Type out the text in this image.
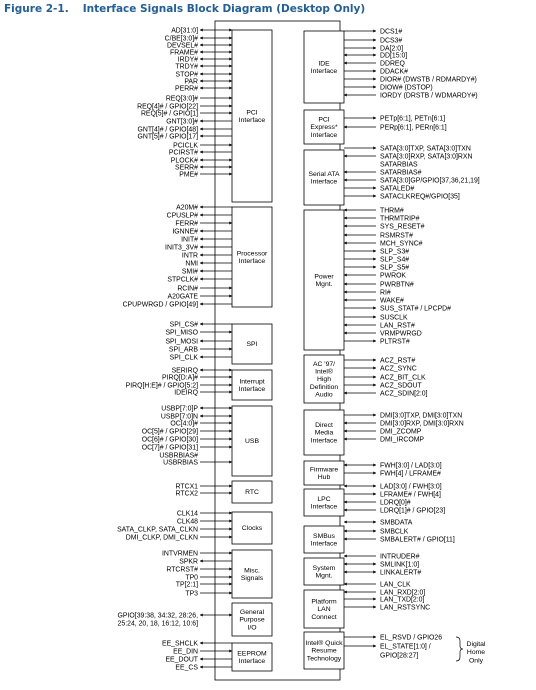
Figure 2-1. Interface Signals Block Diagram (Desktop Only)
PCI
Interface
Processor
Interface
SPI
Interrupt
Interface
USB
RTC
Clocks
Misc.
Signals
General
Purpose
I/O
EEPROM
Interface
IDE
Interface
PCI
Express*
Interface
Serial ATA
Interface
Power
Mgnt.
AC '97/
Intel®
High
Definition
Audio
Direct
Media
Interface
Firmware
Hub
LPC
Interface
SMBus
Interface
System
Mgnt.
Platform
LAN
Connect
Intel® Quick
Resume
Technology
AD[31:0]
C/BE[3:0]#
DEVSEL#
FRAME#
IRDY#
TRDY#
STOP#
PAR
PERR#
REQ[3:0]#
REQ[4]# / GPIO[22]
REQ[5]# / GPIO[1]
GNT[3:0]#
GNT[4]# / GPIO[48]
GNT[5]# / GPIO[17]
PCICLK
PCIRST#
PLOCK#
SERR#
PME#
A20M#
CPUSLP#
FERR#
IGNNE#
INIT#
INIT3_3V#
INTR
NMI
SMI#
STPCLK#
RCIN#
A20GATE
CPUPWRGD / GPIO[49]
SPI_CS#
SPI_MISO
SPI_MOSI
SPI_ARB
SPI_CLK
SERIRQ
PIRQ[D:A]#
PIRQ[H:E]# / GPIO[5:2]
IDEIRQ
USBP[7:0]P
USBP[7:0]N
OC[4:0]#
OC[5]# / GPIO[29]
OC[6]# / GPIO[30]
OC[7]# / GPIO[31]
USBRBIAS#
USBRBIAS
RTCX1
RTCX2
CLK14
CLK48
SATA_CLKP, SATA_CLKN
DMI_CLKP, DMI_CLKN
INTVRMEN
SPKR
RTCRST#
TP0
TP[2:1]
TP3
GPIO[39:38, 34:32, 28:26,
25:24, 20, 18, 16:12, 10:6]
EE_SHCLK
EE_DIN
EE_DOUT
EE_CS
DCS1#
DCS3#
DA[2:0]
DD[15:0]
DDREQ
DDACK#
DIOR# (DWSTB / RDMARDY#)
DIOW# (DSTOP)
IORDY (DRSTB / WDMARDY#)
PETp[6:1], PETn[6:1]
PERp[6:1], PERn[6:1]
SATA[3:0]TXP, SATA[3:0]TXN
SATA[3:0]RXP, SATA[3:0]RXN
SATARBIAS
SATARBIAS#
SATA[3:0]GP/GPIO[37,36,21,19]
SATALED#
SATACLKREQ#/GPIO[35]
THRM#
THRMTRIP#
SYS_RESET#
RSMRST#
MCH_SYNC#
SLP_S3#
SLP_S4#
SLP_S5#
PWROK
PWRBTN#
RI#
WAKE#
SUS_STAT# / LPCPD#
SUSCLK
LAN_RST#
VRMPWRGD
PLTRST#
ACZ_RST#
ACZ_SYNC
ACZ_BIT_CLK
ACZ_SDOUT
ACZ_SDIN[2:0]
DMI[3:0]TXP, DMI[3:0]TXN
DMI[3:0]RXP, DMI[3:0]RXN
DMI_ZCOMP
DMI_IRCOMP
FWH[3:0] / LAD[3:0]
FWH[4] / LFRAME#
LAD[3:0] / FWH[3:0]
LFRAME# / FWH[4]
LDRQ[0]#
LDRQ[1]# / GPIO[23]
SMBDATA
SMBCLK
SMBALERT# / GPIO[11]
INTRUDER#
SMLINK[1:0]
LINKALERT#
LAN_CLK
LAN_RXD[2:0]
LAN_TXD[2:0]
LAN_RSTSYNC
EL_RSVD / GPIO26
EL_STATE[1:0] /
GPIO[28:27]
Digital
Home
Only
